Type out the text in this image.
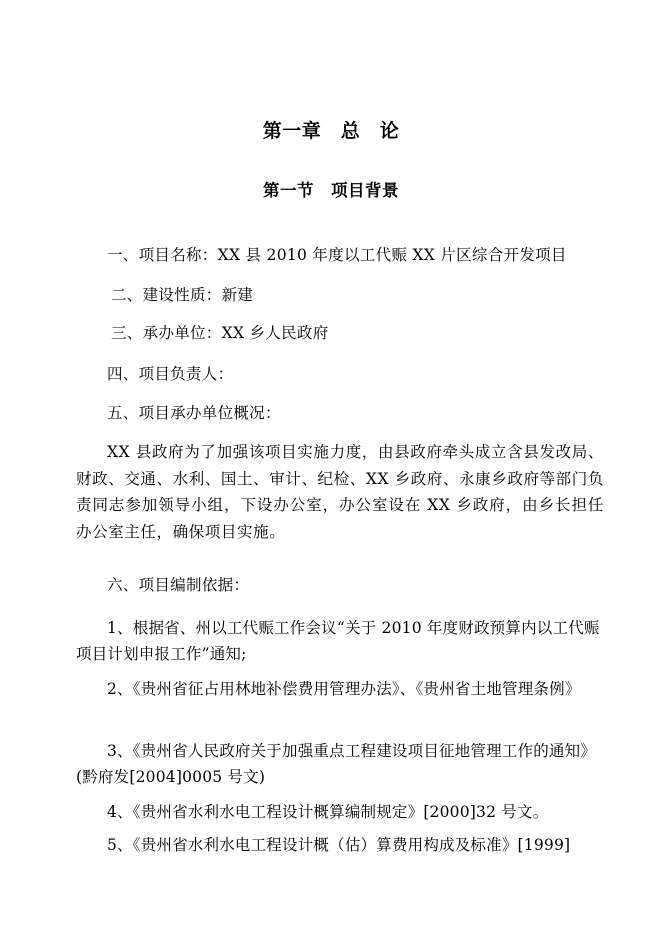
第一章　总　论
第一节　项目背景
一、项目名称：XX 县 2010 年度以工代赈 XX 片区综合开发项目
二、建设性质：新建
三、承办单位：XX 乡人民政府
四、项目负责人：
五、项目承办单位概况：
XX 县政府为了加强该项目实施力度，由县政府牵头成立含县发改局、财政、交通、水利、国土、审计、纪检、XX 乡政府、永康乡政府等部门负责同志参加领导小组，下设办公室，办公室设在 XX 乡政府，由乡长担任办公室主任，确保项目实施。
六、项目编制依据：
1、根据省、州以工代赈工作会议“关于 2010 年度财政预算内以工代赈项目计划申报工作”通知;
2、《贵州省征占用林地补偿费用管理办法》、《贵州省土地管理条例》
3、《贵州省人民政府关于加强重点工程建设项目征地管理工作的通知》(黔府发[2004]0005 号文)
4、《贵州省水利水电工程设计概算编制规定》[2000]32 号文。
5、《贵州省水利水电工程设计概（估）算费用构成及标准》[1999]
